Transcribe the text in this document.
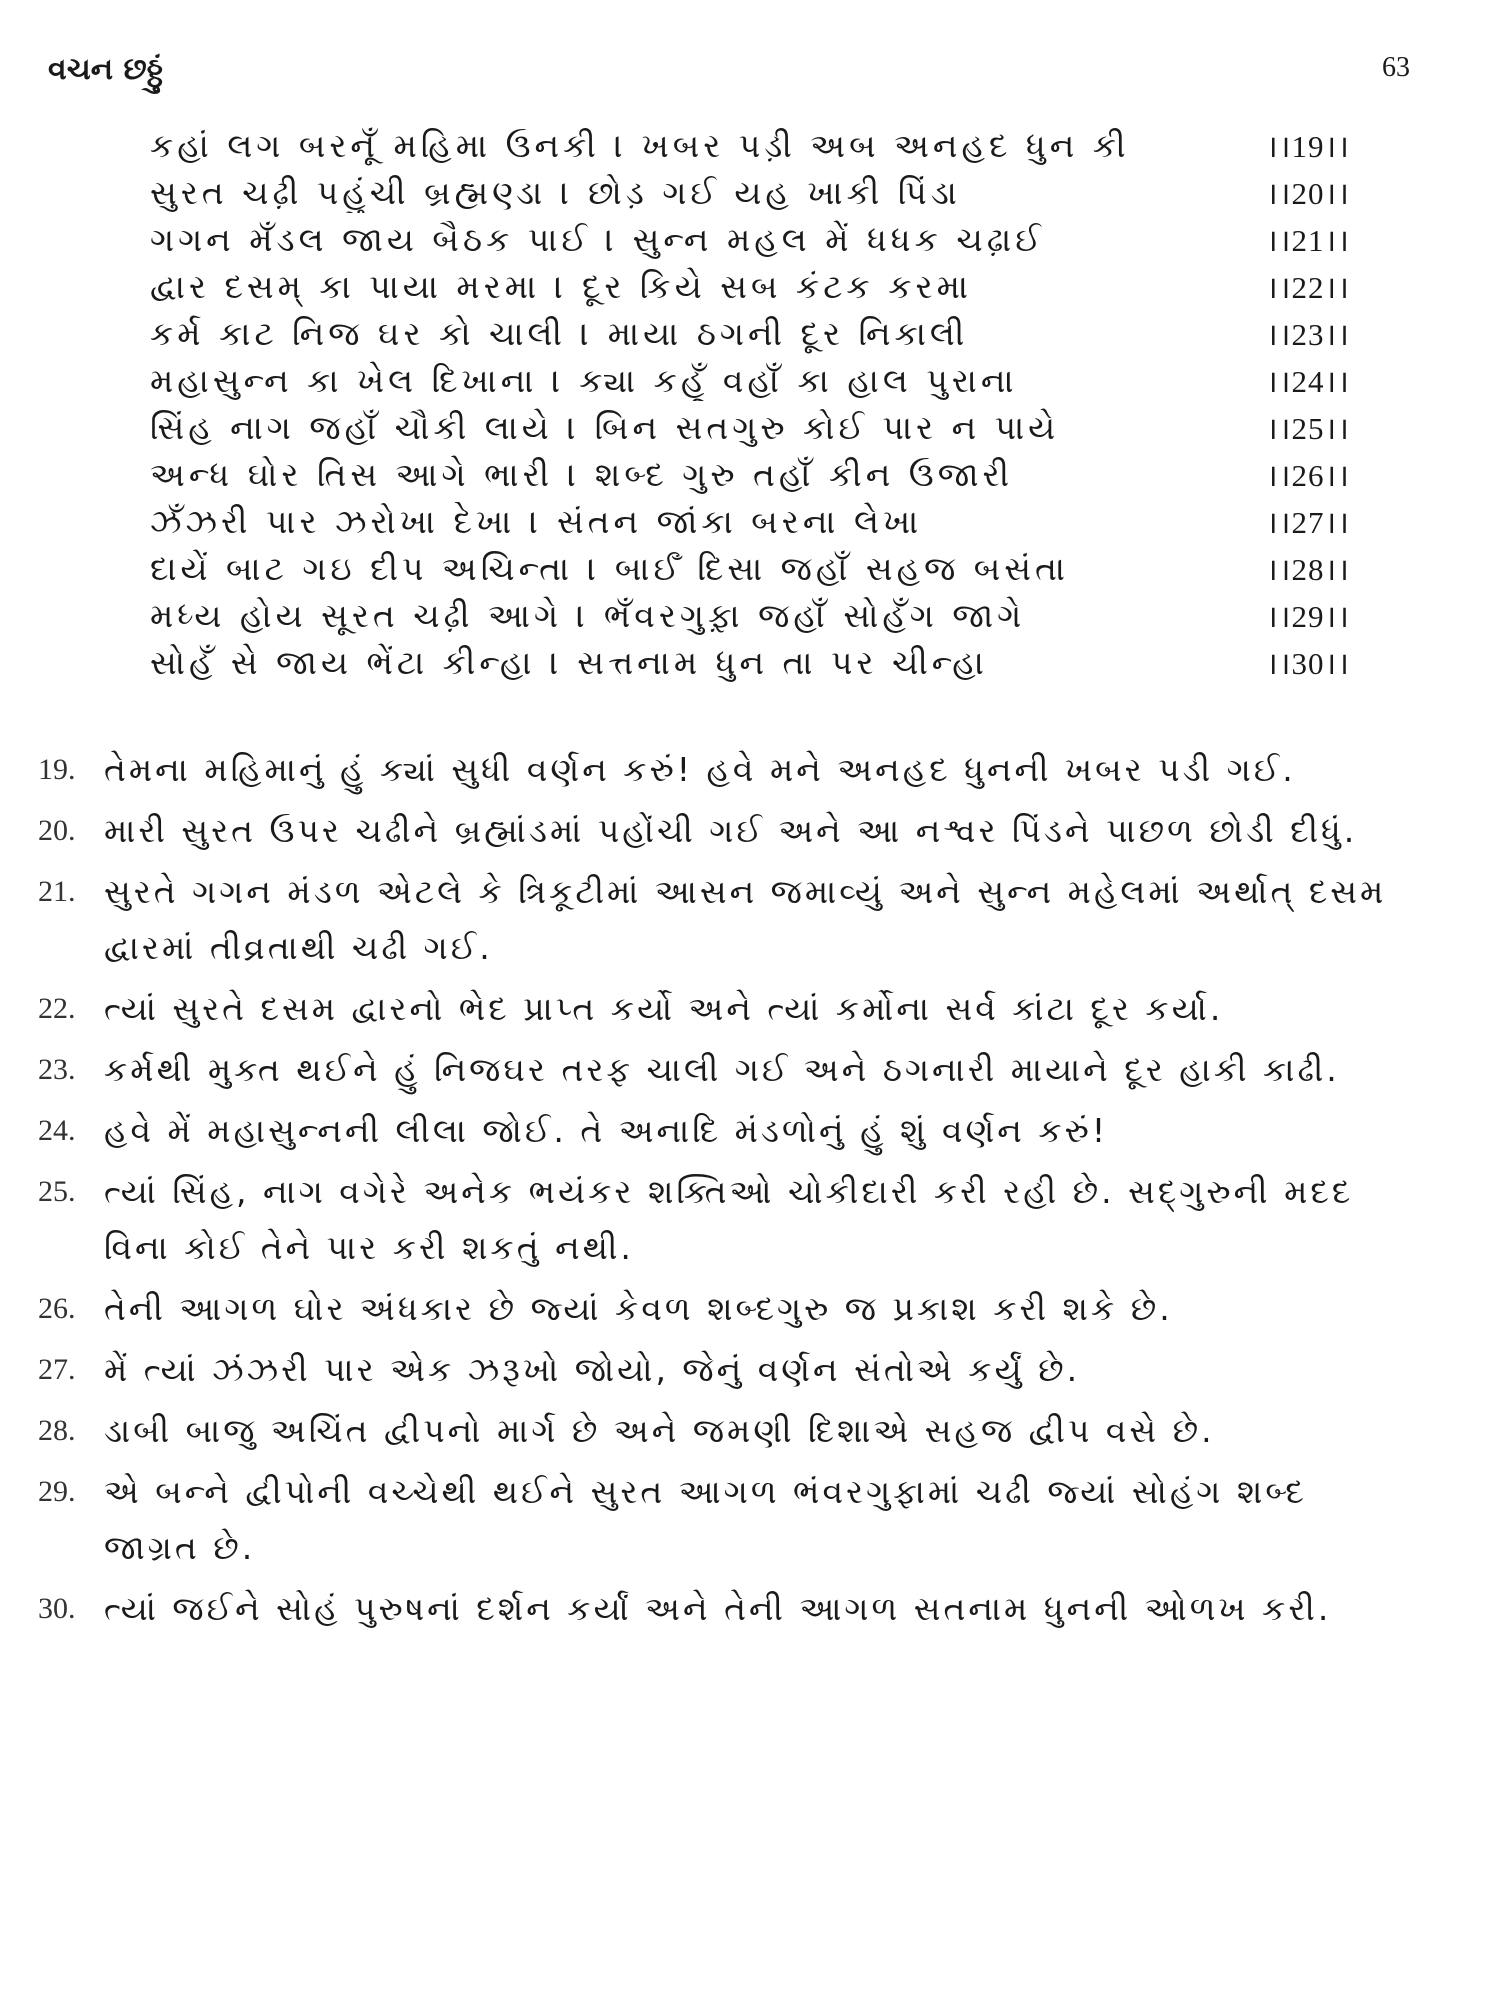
વચન છઠ્ઠું	63
કહાં લગ બરનૂઁ મહિમા ઉનકી । ખબર પડ઼ી અબ અનહદ ધુન કી	।।19।।
સુરત ચઢ઼ી પહુંચી બ્રહ્મણ્ડા । છોડ઼ ગઈ યહ ખાકી પિંડા	।।20।।
ગગન મઁડલ જાય બૈઠક પાઈ । સુન્ન મહલ મેં ધધક ચઢ઼ાઈ	।।21।।
દ્વાર દસમ્ કા પાયા મરમા । દૂર કિયે સબ કંટક કરમા	।।22।।
કર્મ કાટ નિજ ઘર કો ચાલી । માયા ઠગની દૂર નિકાલી	।।23।।
મહાસુન્ન કા ખેલ દિખાના । ક્યા કહૂઁ વહાઁ કા હાલ પુરાના	।।24।।
સિંહ નાગ જહાઁ ચૌકી લાયે । બિન સતગુરુ કોઈ પાર ન પાયે	।।25।।
અન્ધ ઘોર તિસ આગે ભારી । શબ્દ ગુરુ તહાઁ કીન ઉજારી	।।26।।
ઝઁઝરી પાર ઝરોખા દેખા । સંતન જાંકા બરના લેખા	।।27।।
દાયેં બાટ ગઇ દીપ અચિન્તા । બાઈઁ દિસા જહાઁ સહજ બસંતા	।।28।।
મધ્ય હોય સૂરત ચઢ઼ી આગે । ભઁવરગુફ઼ા જહાઁ સોહઁગ જાગે	।।29।।
સોહઁ સે જાય ભેંટા કીન્હા । સત્તનામ ધુન તા પર ચીન્હા	।।30।।
19. તેમના મહિમાનું હું ક્યાં સુધી વર્ણન કરું! હવે મને અનહદ ધુનની ખબર પડી ગઈ.
20. મારી સુરત ઉપર ચઢીને બ્રહ્માંડમાં પહોંચી ગઈ અને આ નશ્વર પિંડને પાછળ છોડી દીધું.
21. સુરતે ગગન મંડળ એટલે કે ત્રિકૂટીમાં આસન જમાવ્યું અને સુન્ન મહેલમાં અર્થાત્ દસમ દ્વારમાં તીવ્રતાથી ચઢી ગઈ.
22. ત્યાં સુરતે દસમ દ્વારનો ભેદ પ્રાપ્ત કર્યો અને ત્યાં કર્મોના સર્વ કાંટા દૂર કર્યા.
23. કર્મથી મુક્ત થઈને હું નિજઘર તરફ ચાલી ગઈ અને ઠગનારી માયાને દૂર હાકી કાઢી.
24. હવે મેં મહાસુન્નની લીલા જોઈ. તે અનાદિ મંડળોનું હું શું વર્ણન કરું!
25. ત્યાં સિંહ, નાગ વગેરે અનેક ભયંકર શક્તિઓ ચોકીદારી કરી રહી છે. સદ્‌ગુરુની મદદ વિના કોઈ તેને પાર કરી શકતું નથી.
26. તેની આગળ ઘોર અંધકાર છે જ્યાં કેવળ શબ્દગુરુ જ પ્રકાશ કરી શકે છે.
27. મેં ત્યાં ઝંઝરી પાર એક ઝરૂખો જોયો, જેનું વર્ણન સંતોએ કર્યું છે.
28. ડાબી બાજુ અચિંત દ્વીપનો માર્ગ છે અને જમણી દિશાએ સહજ દ્વીપ વસે છે.
29. એ બન્ને દ્વીપોની વચ્ચેથી થઈને સુરત આગળ ભંવરગુફામાં ચઢી જ્યાં સોહંગ શબ્દ જાગ્રત છે.
30. ત્યાં જઈને સોહં પુરુષનાં દર્શન કર્યાં અને તેની આગળ સતનામ ધુનની ઓળખ કરી.
